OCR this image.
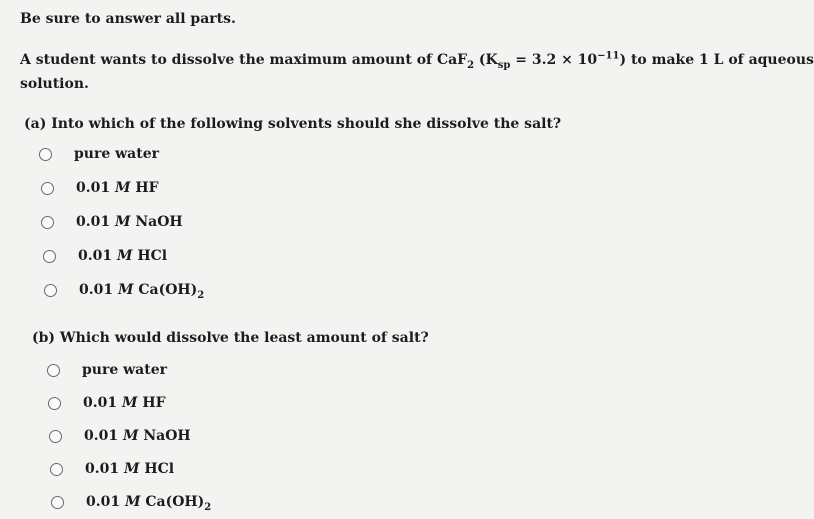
Be sure to answer all parts.
A student wants to dissolve the maximum amount of CaF$_2$ $(K_{sp} = 3.2 \times 10^{-11})$ to make 1 L of aqueous
solution.
(a) Into which of the following solvents should she dissolve the salt?
pure water
0.01 M HF
0.01 M NaOH
0.01 M HCl
0.01 M $Ca(OH)_2$
(b) Which would dissolve the least amount of salt?
pure water
0.01 M HF
0.01 M NaOH
0.01 M HCl
0.01 M $Ca(OH)_2$
